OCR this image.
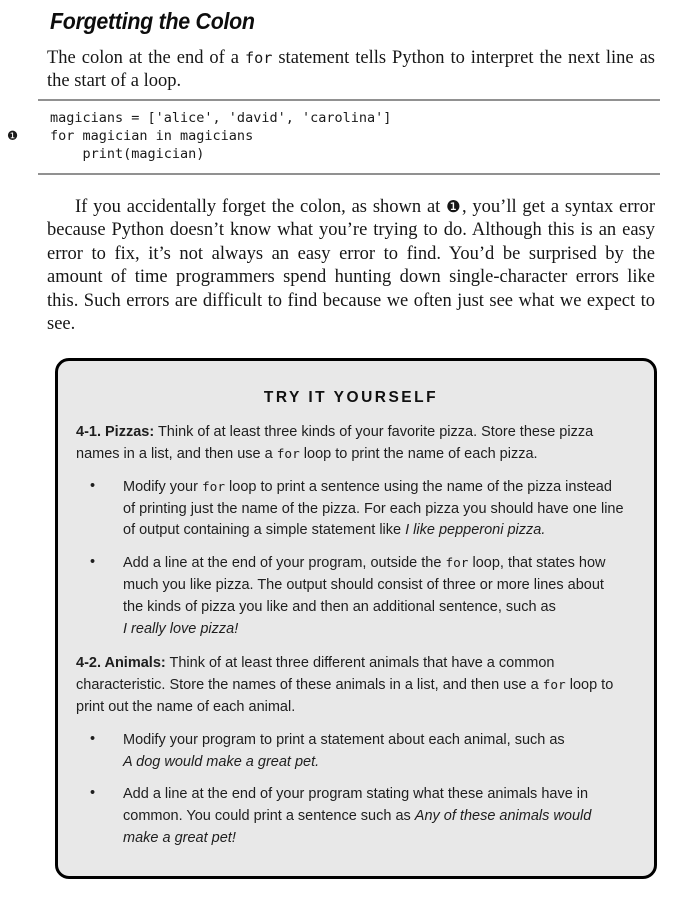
Forgetting the Colon

The colon at the end of a for statement tells Python to interpret the next line as the start of a loop.

magicians = ['alice', 'david', 'carolina']
❶ for magician in magicians
print(magician)

If you accidentally forget the colon, as shown at ❶, you’ll get a syntax error because Python doesn’t know what you’re trying to do. Although this is an easy error to fix, it’s not always an easy error to find. You’d be surprised by the amount of time programmers spend hunting down single-character errors like this. Such errors are difficult to find because we often just see what we expect to see.

TRY IT YOURSELF
4-1. Pizzas: Think of at least three kinds of your favorite pizza. Store these pizza names in a list, and then use a for loop to print the name of each pizza.
• Modify your for loop to print a sentence using the name of the pizza instead of printing just the name of the pizza. For each pizza you should have one line of output containing a simple statement like I like pepperoni pizza.
• Add a line at the end of your program, outside the for loop, that states how much you like pizza. The output should consist of three or more lines about the kinds of pizza you like and then an additional sentence, such as
I really love pizza!
4-2. Animals: Think of at least three different animals that have a common characteristic. Store the names of these animals in a list, and then use a for loop to print out the name of each animal.
• Modify your program to print a statement about each animal, such as
A dog would make a great pet.
• Add a line at the end of your program stating what these animals have in common. You could print a sentence such as Any of these animals would make a great pet!
